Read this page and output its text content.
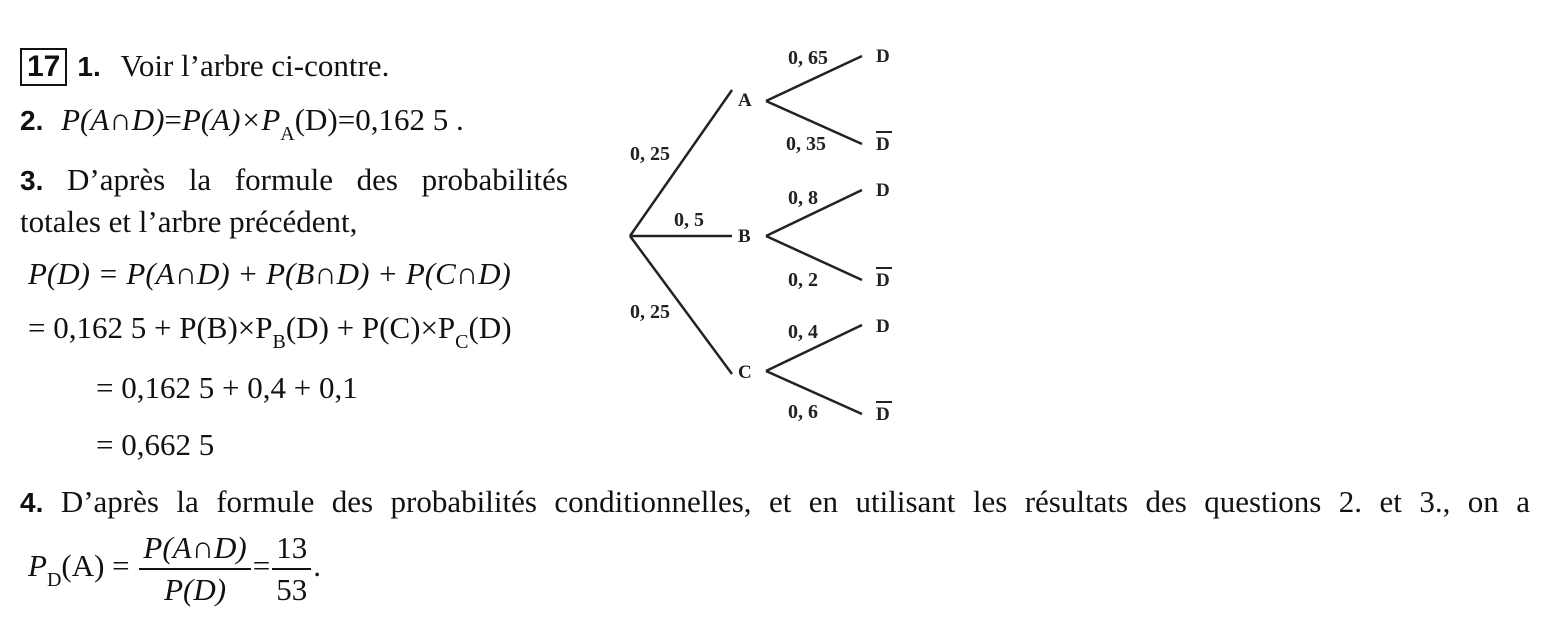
17 1. Voir l’arbre ci-contre.
2. $P(A\cap D)=P(A)\times P_A(D)=0,162$ 5 .
3. D’après la formule des probabilités
totales et l’arbre précédent,
P(D) = P(A∩D) + P(B∩D) + P(C∩D)
= 0,162 $5 + P(B)\times P_B(D) + P(C)\times P_C(D)$
= 0,162 5 + 0,4 + 0,1
= 0,662 5
4. D’après la formule des probabilités conditionnelles, et en utilisant les résultats des questions 2. et 3., on a
$P_D(A) = \frac{P(A\cap D)}{P(D)} = \frac{13}{53}$ .
0, 25
0, 5
0, 25
A
B
C
0, 65
0, 35
0, 8
0, 2
0, 4
0, 6
D
D
D
D
D
D
